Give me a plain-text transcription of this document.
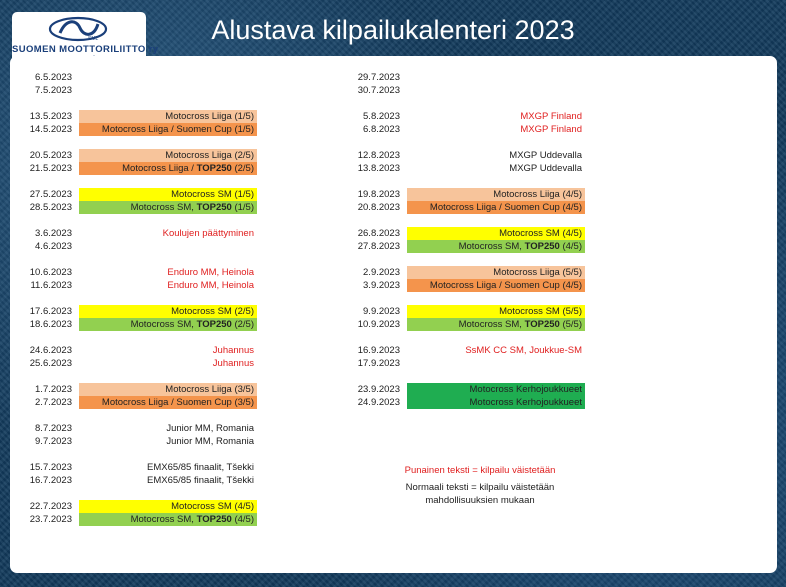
SML
SUOMEN MOOTTORILIITTO ry
Alustava kilpailukalenteri 2023
6.5.2023
7.5.2023
13.5.2023	Motocross Liiga (1/5)
14.5.2023	Motocross Liiga / Suomen Cup (1/5)
20.5.2023	Motocross Liiga (2/5)
21.5.2023	Motocross Liiga / TOP250 (2/5)
27.5.2023	Motocross SM (1/5)
28.5.2023	Motocross SM, TOP250 (1/5)
3.6.2023	Koulujen päättyminen
4.6.2023
10.6.2023	Enduro MM, Heinola
11.6.2023	Enduro MM, Heinola
17.6.2023	Motocross SM (2/5)
18.6.2023	Motocross SM, TOP250 (2/5)
24.6.2023	Juhannus
25.6.2023	Juhannus
1.7.2023	Motocross Liiga (3/5)
2.7.2023	Motocross Liiga / Suomen Cup (3/5)
8.7.2023	Junior MM, Romania
9.7.2023	Junior MM, Romania
15.7.2023	EMX65/85 finaalit, Tšekki
16.7.2023	EMX65/85 finaalit, Tšekki
22.7.2023	Motocross SM (4/5)
23.7.2023	Motocross SM, TOP250 (4/5)
29.7.2023
30.7.2023
5.8.2023	MXGP Finland
6.8.2023	MXGP Finland
12.8.2023	MXGP Uddevalla
13.8.2023	MXGP Uddevalla
19.8.2023	Motocross Liiga (4/5)
20.8.2023	Motocross Liiga / Suomen Cup (4/5)
26.8.2023	Motocross SM (4/5)
27.8.2023	Motocross SM, TOP250 (4/5)
2.9.2023	Motocross Liiga (5/5)
3.9.2023	Motocross Liiga / Suomen Cup (4/5)
9.9.2023	Motocross SM (5/5)
10.9.2023	Motocross SM, TOP250 (5/5)
16.9.2023	SsMK CC SM, Joukkue-SM
17.9.2023
23.9.2023	Motocross Kerhojoukkueet
24.9.2023	Motocross Kerhojoukkueet
Punainen teksti = kilpailu väistetään
Normaali teksti = kilpailu väistetään
mahdollisuuksien mukaan
